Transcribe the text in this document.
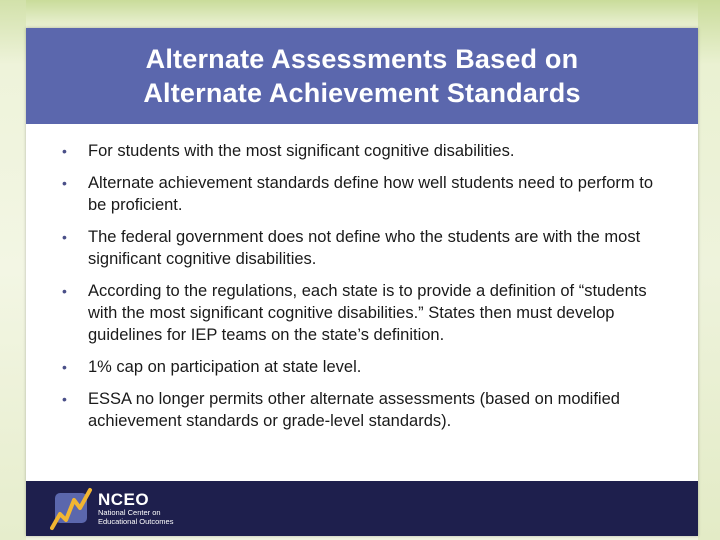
Alternate Assessments Based on
Alternate Achievement Standards
• For students with the most significant cognitive disabilities.
• Alternate achievement standards define how well students need to perform to be proficient.
• The federal government does not define who the students are with the most significant cognitive disabilities.
• According to the regulations, each state is to provide a definition of “students with the most significant cognitive disabilities.” States then must develop guidelines for IEP teams on the state’s definition.
• 1% cap on participation at state level.
• ESSA no longer permits other alternate assessments (based on modified achievement standards or grade-level standards).
NCEO
National Center on
Educational Outcomes
